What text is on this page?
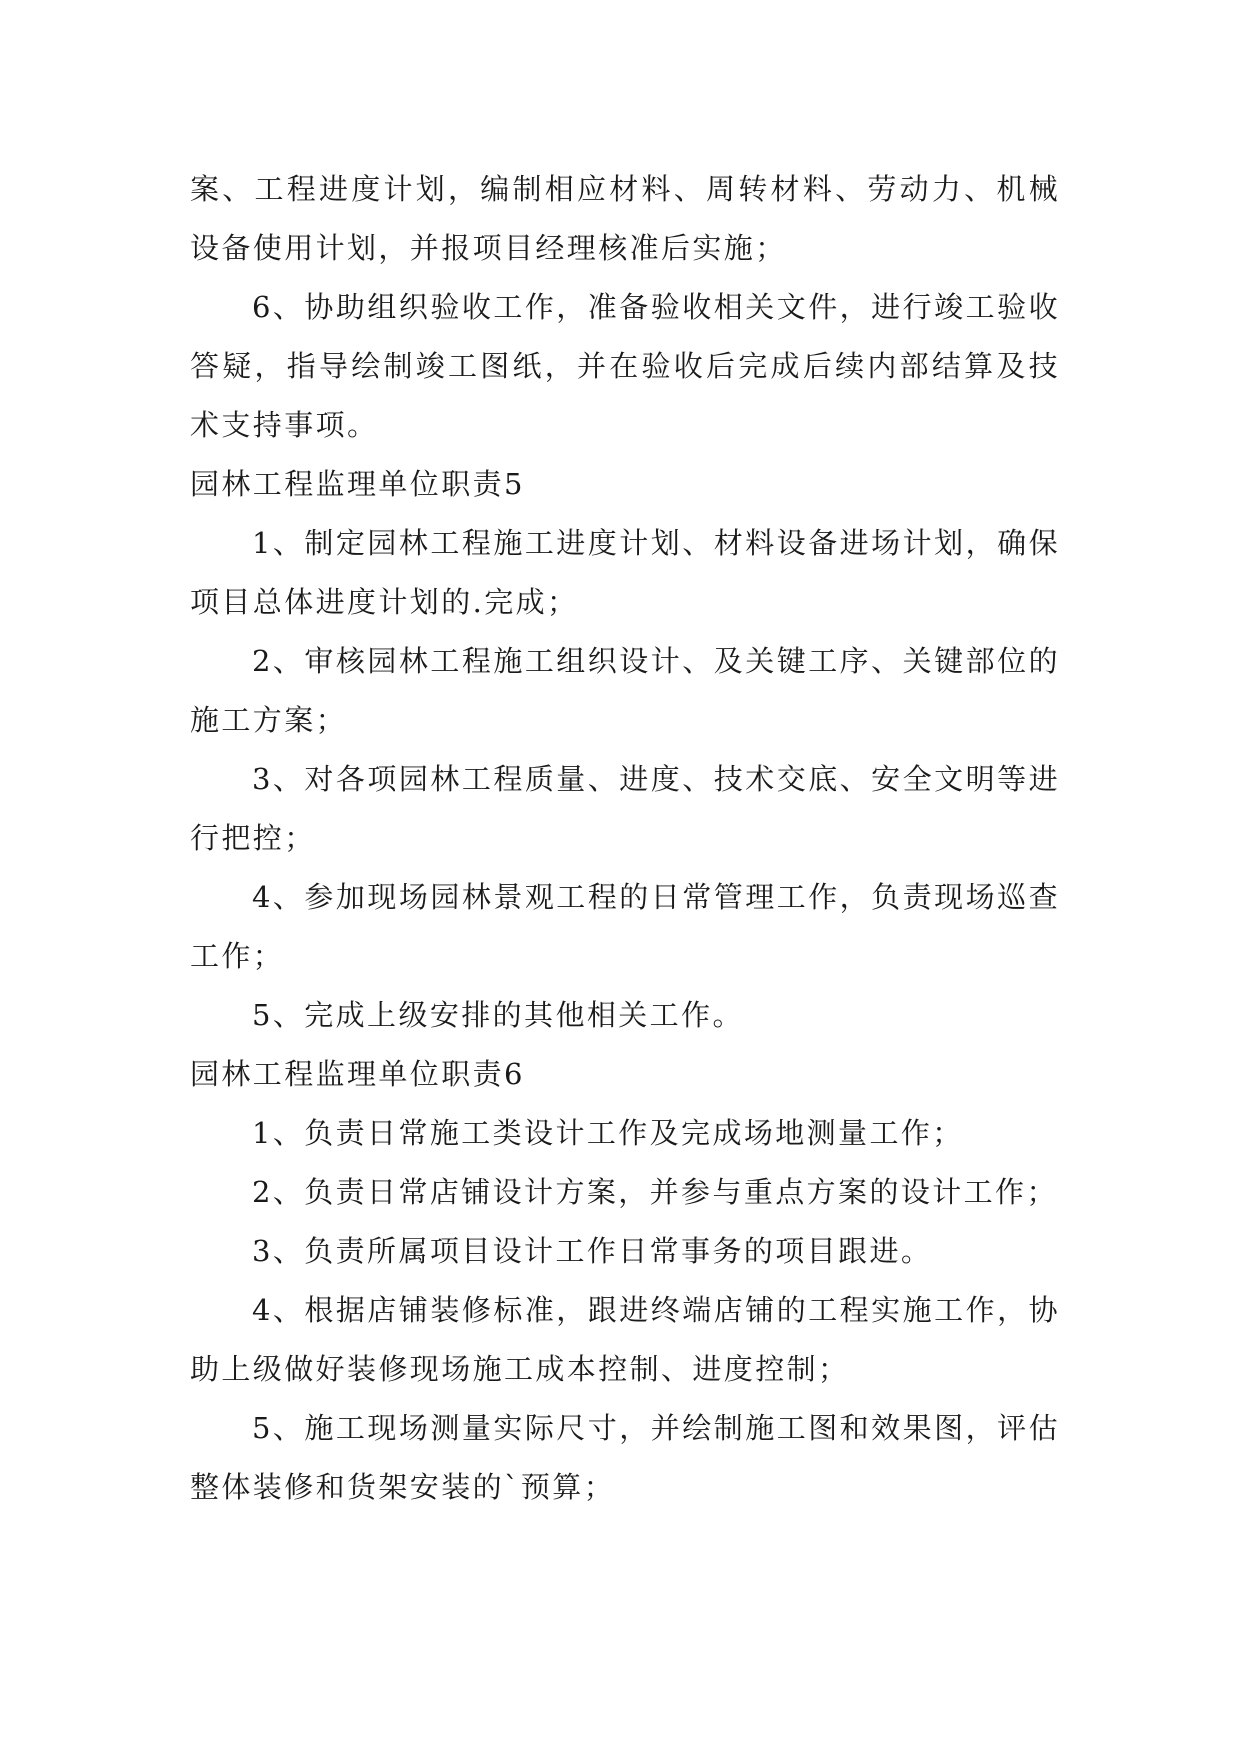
案、工程进度计划，编制相应材料、周转材料、劳动力、机械设备使用计划，并报项目经理核准后实施；

6、协助组织验收工作，准备验收相关文件，进行竣工验收答疑，指导绘制竣工图纸，并在验收后完成后续内部结算及技术支持事项。

园林工程监理单位职责5

1、制定园林工程施工进度计划、材料设备进场计划，确保项目总体进度计划的.完成；

2、审核园林工程施工组织设计、及关键工序、关键部位的施工方案；

3、对各项园林工程质量、进度、技术交底、安全文明等进行把控；

4、参加现场园林景观工程的日常管理工作，负责现场巡查工作；

5、完成上级安排的其他相关工作。

园林工程监理单位职责6

1、负责日常施工类设计工作及完成场地测量工作；

2、负责日常店铺设计方案，并参与重点方案的设计工作；

3、负责所属项目设计工作日常事务的项目跟进。

4、根据店铺装修标准，跟进终端店铺的工程实施工作，协助上级做好装修现场施工成本控制、进度控制；

5、施工现场测量实际尺寸，并绘制施工图和效果图，评估整体装修和货架安装的`预算；
